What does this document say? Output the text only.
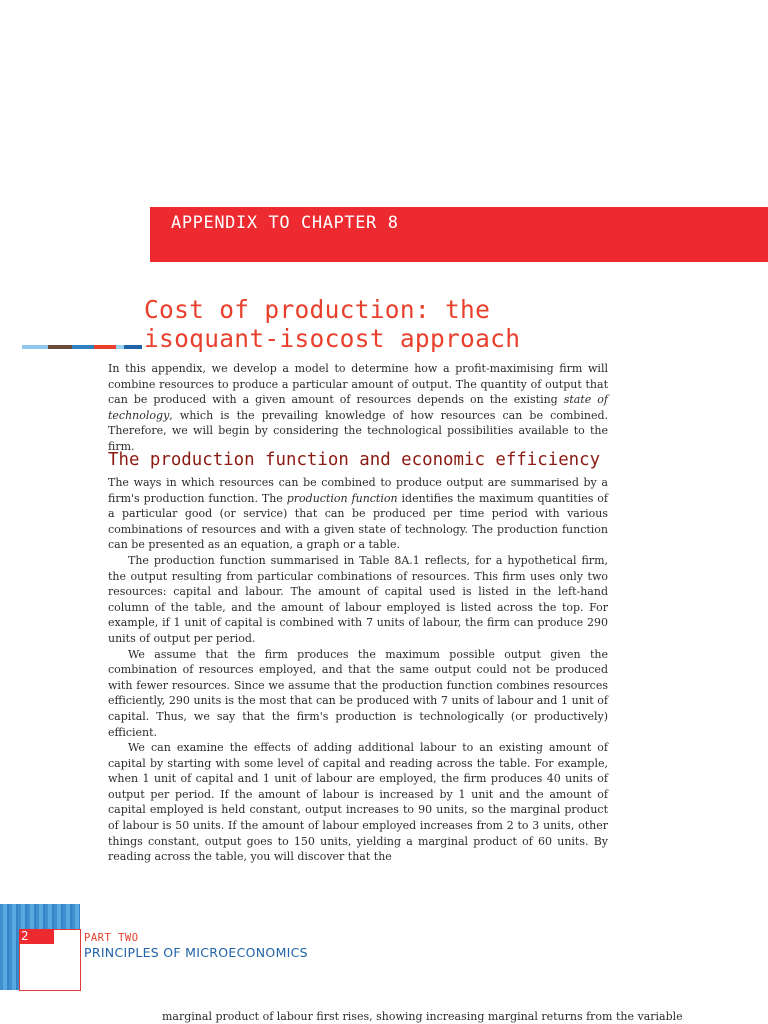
APPENDIX TO CHAPTER 8
Cost of production: the
isoquant-isocost approach

In this appendix, we develop a model to determine how a profit-maximising firm will combine resources to produce a particular amount of output. The quantity of output that can be produced with a given amount of resources depends on the existing state of technology, which is the prevailing knowledge of how resources can be combined. Therefore, we will begin by considering the technological possibilities available to the firm.

The production function and economic efficiency

The ways in which resources can be combined to produce output are summarised by a firm's production function. The production function identifies the maximum quantities of a particular good (or service) that can be produced per time period with various combinations of resources and with a given state of technology. The production function can be presented as an equation, a graph or a table.

The production function summarised in Table 8A.1 reflects, for a hypothetical firm, the output resulting from particular combinations of resources. This firm uses only two resources: capital and labour. The amount of capital used is listed in the left-hand column of the table, and the amount of labour employed is listed across the top. For example, if 1 unit of capital is combined with 7 units of labour, the firm can produce 290 units of output per period.

We assume that the firm produces the maximum possible output given the combination of resources employed, and that the same output could not be produced with fewer resources. Since we assume that the production function combines resources efficiently, 290 units is the most that can be produced with 7 units of labour and 1 unit of capital. Thus, we say that the firm's production is technologically (or productively) efficient.

We can examine the effects of adding additional labour to an existing amount of capital by starting with some level of capital and reading across the table. For example, when 1 unit of capital and 1 unit of labour are employed, the firm produces 40 units of output per period. If the amount of labour is increased by 1 unit and the amount of capital employed is held constant, output increases to 90 units, so the marginal product of labour is 50 units. If the amount of labour employed increases from 2 to 3 units, other things constant, output goes to 150 units, yielding a marginal product of 60 units. By reading across the table, you will discover that the

2	PART TWO
PRINCIPLES OF MICROECONOMICS
marginal product of labour first rises, showing increasing marginal returns from the variable
